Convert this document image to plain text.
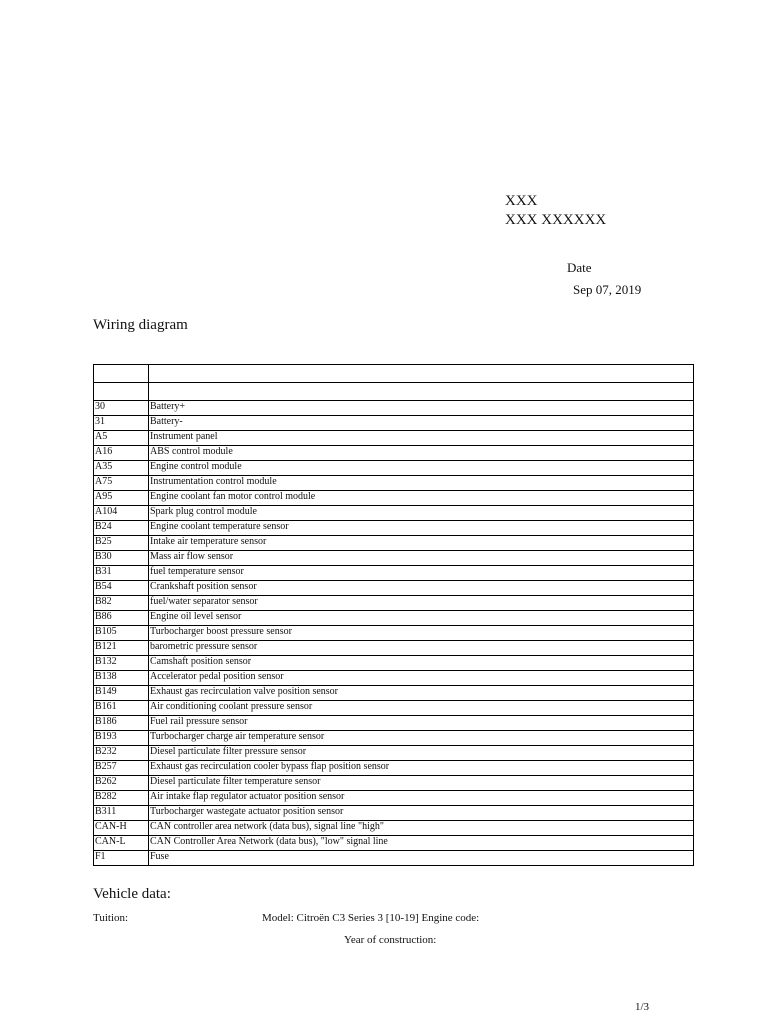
XXX
XXX XXXXXX
Date
Sep 07, 2019
Wiring diagram

30	Battery+
31	Battery-
A5	Instrument panel
A16	ABS control module
A35	Engine control module
A75	Instrumentation control module
A95	Engine coolant fan motor control module
A104	Spark plug control module
B24	Engine coolant temperature sensor
B25	Intake air temperature sensor
B30	Mass air flow sensor
B31	fuel temperature sensor
B54	Crankshaft position sensor
B82	fuel/water separator sensor
B86	Engine oil level sensor
B105	Turbocharger boost pressure sensor
B121	barometric pressure sensor
B132	Camshaft position sensor
B138	Accelerator pedal position sensor
B149	Exhaust gas recirculation valve position sensor
B161	Air conditioning coolant pressure sensor
B186	Fuel rail pressure sensor
B193	Turbocharger charge air temperature sensor
B232	Diesel particulate filter pressure sensor
B257	Exhaust gas recirculation cooler bypass flap position sensor
B262	Diesel particulate filter temperature sensor
B282	Air intake flap regulator actuator position sensor
B311	Turbocharger wastegate actuator position sensor
CAN-H	CAN controller area network (data bus), signal line "high"
CAN-L	CAN Controller Area Network (data bus), "low" signal line
F1	Fuse
Vehicle data:
Tuition:	Model: Citroën C3 Series 3 [10-19] Engine code:
Year of construction:
1/3
